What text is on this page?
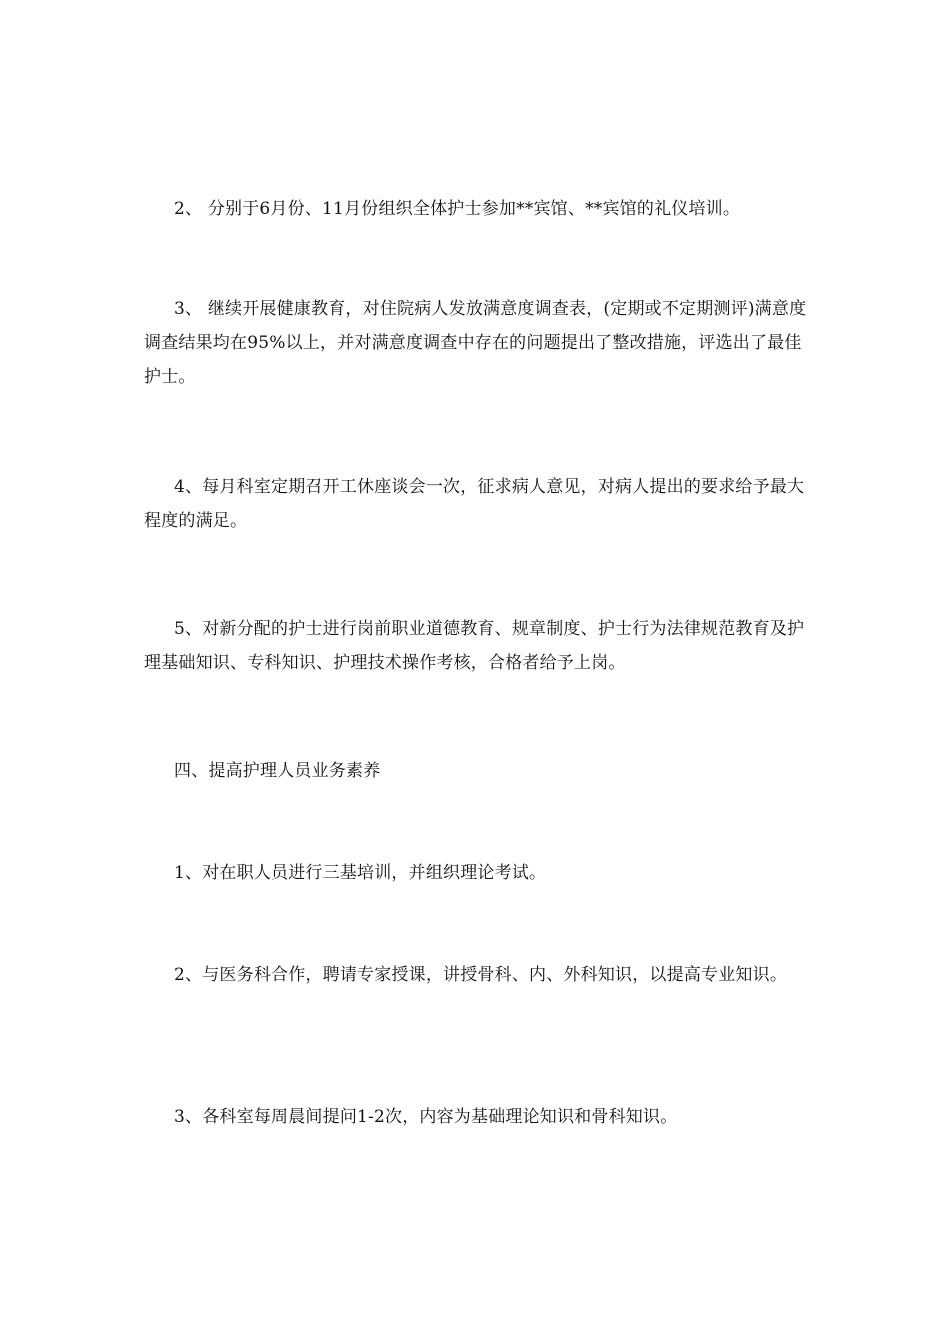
2、 分别于6月份、11月份组织全体护士参加**宾馆、**宾馆的礼仪培训。

3、 继续开展健康教育，对住院病人发放满意度调查表，(定期或不定期测评)满意度调查结果均在95%以上，并对满意度调查中存在的问题提出了整改措施，评选出了最佳护士。

4、每月科室定期召开工休座谈会一次，征求病人意见，对病人提出的要求给予最大程度的满足。

5、对新分配的护士进行岗前职业道德教育、规章制度、护士行为法律规范教育及护理基础知识、专科知识、护理技术操作考核，合格者给予上岗。

四、提高护理人员业务素养

1、对在职人员进行三基培训，并组织理论考试。

2、与医务科合作，聘请专家授课，讲授骨科、内、外科知识，以提高专业知识。

3、各科室每周晨间提问1-2次，内容为基础理论知识和骨科知识。
